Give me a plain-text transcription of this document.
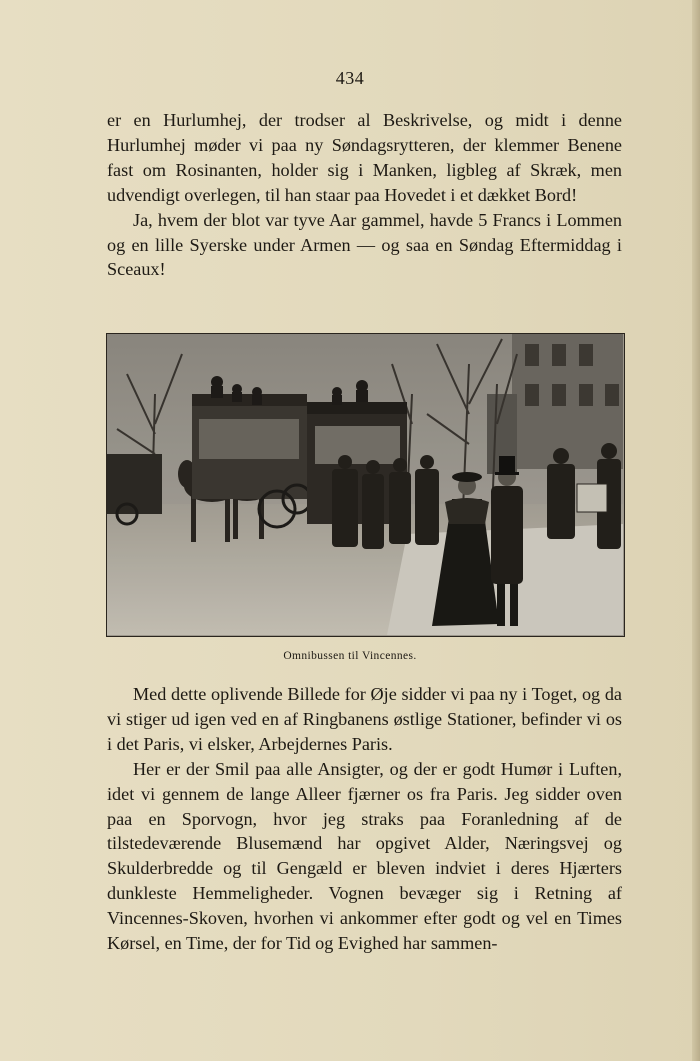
434

er en Hurlumhej, der trodser al Beskrivelse, og midt i denne Hurlumhej møder vi paa ny Søndagsrytteren, der klemmer Benene fast om Rosinanten, holder sig i Manken, ligbleg af Skræk, men udvendigt overlegen, til han staar paa Hovedet i et dækket Bord!

Ja, hvem der blot var tyve Aar gammel, havde 5 Francs i Lommen og en lille Syerske under Armen — og saa en Søndag Eftermiddag i Sceaux!

Omnibussen til Vincennes.

Med dette oplivende Billede for Øje sidder vi paa ny i Toget, og da vi stiger ud igen ved en af Ringbanens østlige Stationer, befinder vi os i det Paris, vi elsker, Arbejdernes Paris.

Her er der Smil paa alle Ansigter, og der er godt Humør i Luften, idet vi gennem de lange Alleer fjærner os fra Paris. Jeg sidder oven paa en Sporvogn, hvor jeg straks paa Foranledning af de tilstedeværende Blusemænd har opgivet Alder, Næringsvej og Skulderbredde og til Gengæld er bleven indviet i deres Hjærters dunkleste Hemmeligheder. Vognen bevæger sig i Retning af Vincennes-Skoven, hvorhen vi ankommer efter godt og vel en Times Kørsel, en Time, der for Tid og Evighed har sammen-
